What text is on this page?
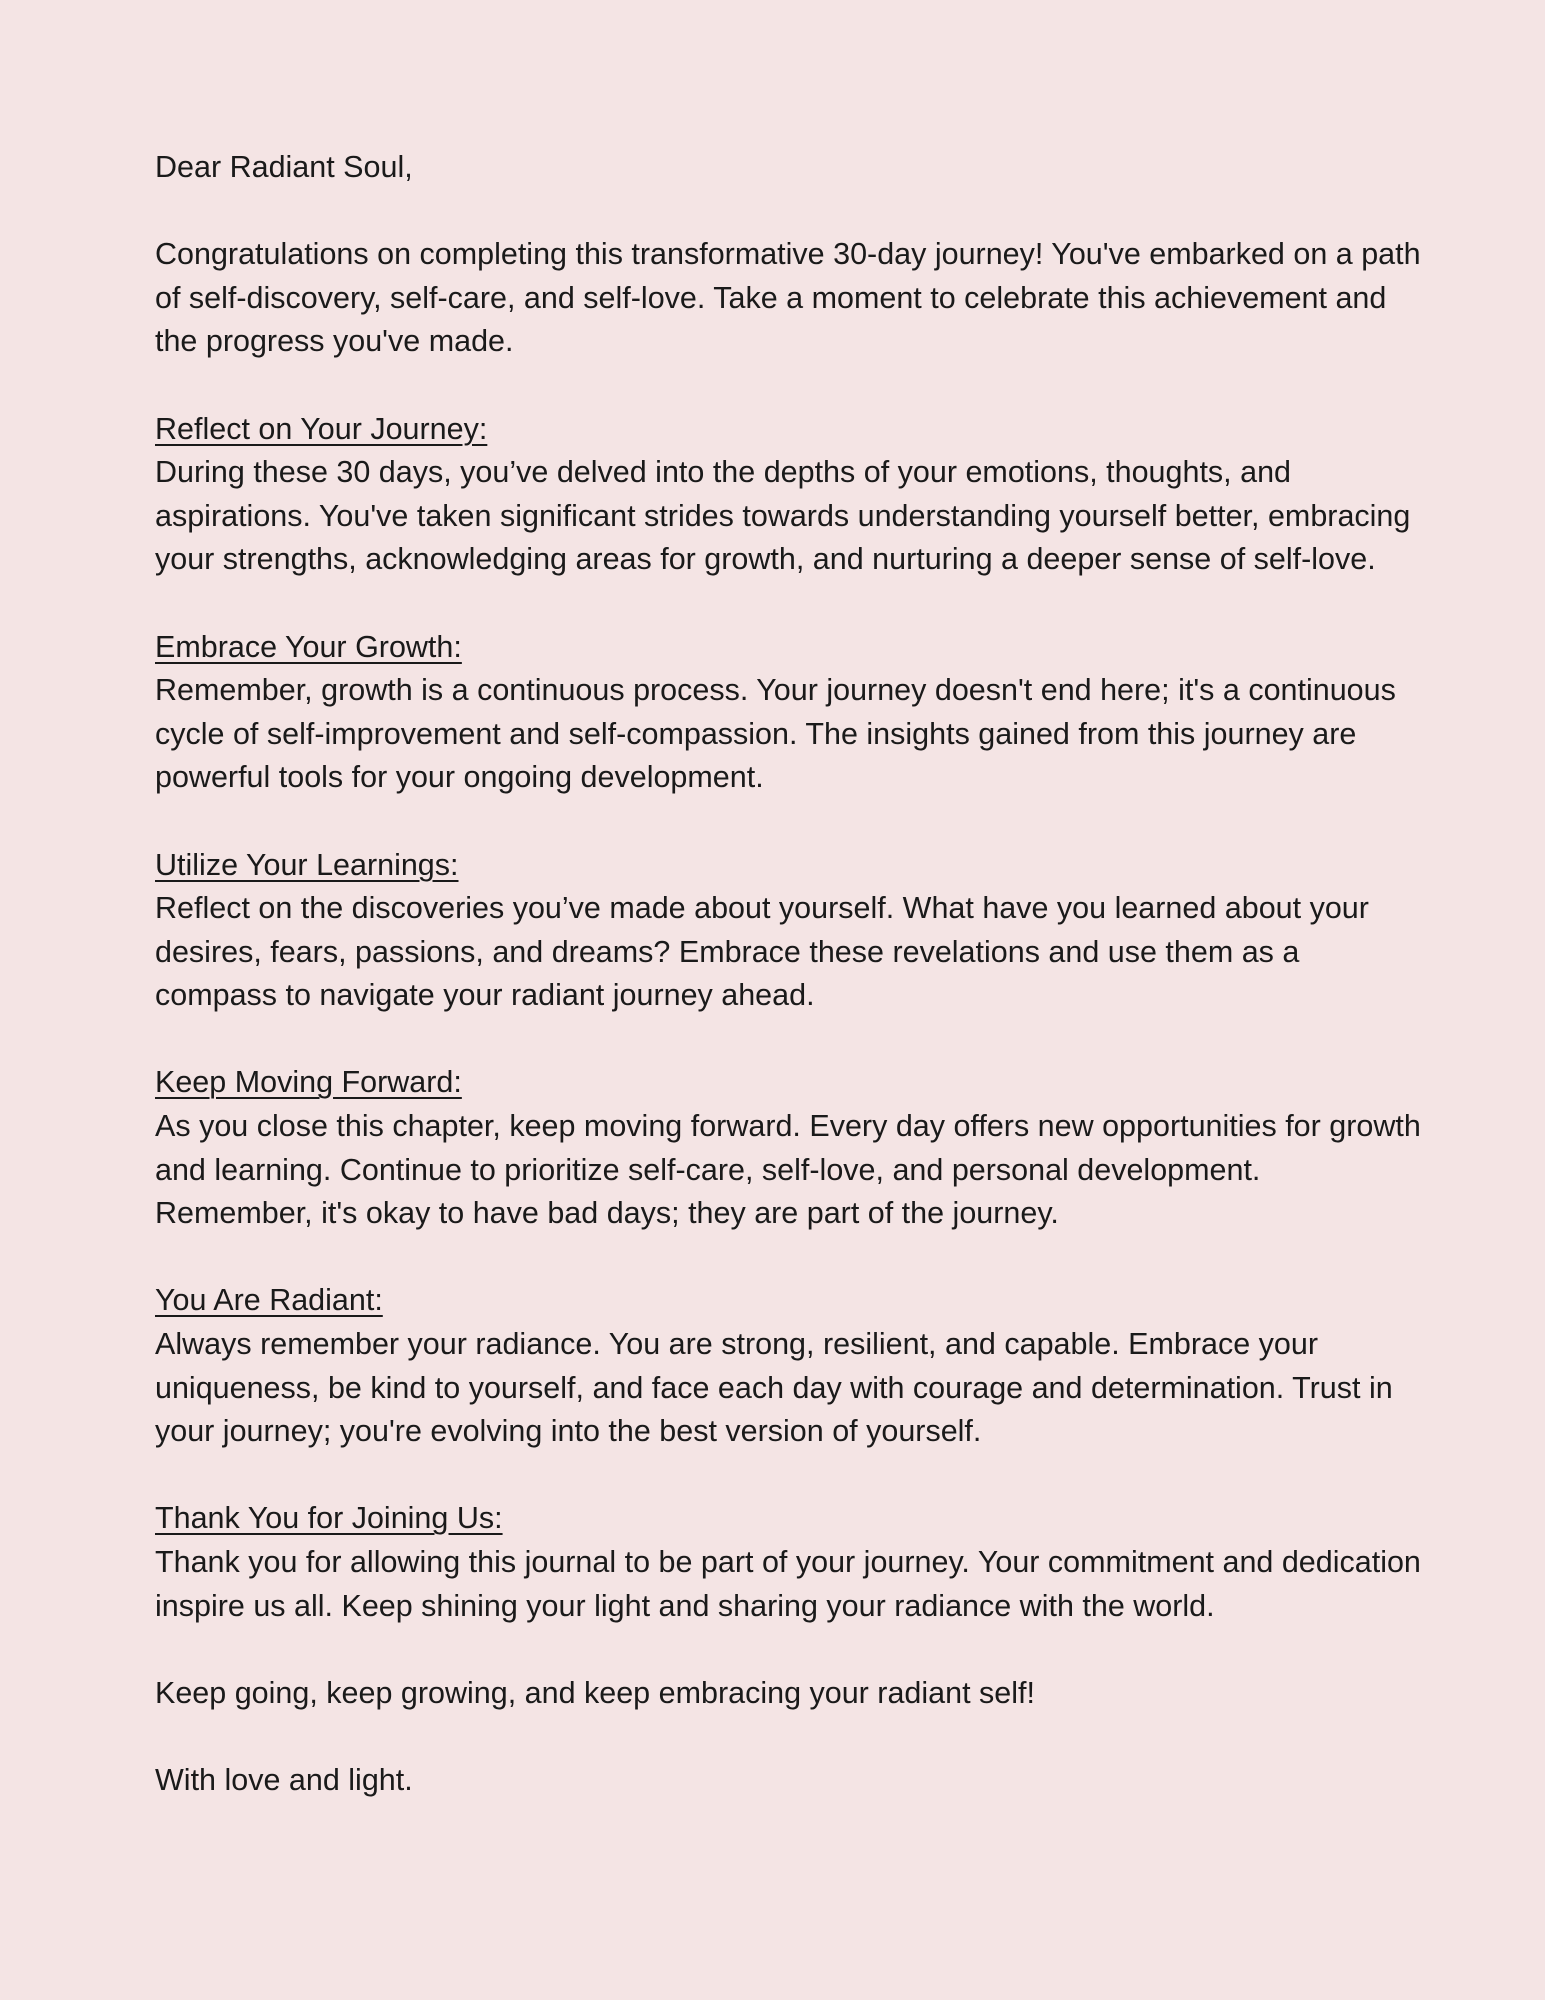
Dear Radiant Soul,

Congratulations on completing this transformative 30-day journey! You've embarked on a path of self-discovery, self-care, and self-love. Take a moment to celebrate this achievement and the progress you've made.

Reflect on Your Journey:

During these 30 days, you’ve delved into the depths of your emotions, thoughts, and aspirations. You've taken significant strides towards understanding yourself better, embracing your strengths, acknowledging areas for growth, and nurturing a deeper sense of self-love.

Embrace Your Growth:

Remember, growth is a continuous process. Your journey doesn't end here; it's a continuous cycle of self-improvement and self-compassion. The insights gained from this journey are powerful tools for your ongoing development.

Utilize Your Learnings:

Reflect on the discoveries you’ve made about yourself. What have you learned about your desires, fears, passions, and dreams? Embrace these revelations and use them as a compass to navigate your radiant journey ahead.

Keep Moving Forward:

As you close this chapter, keep moving forward. Every day offers new opportunities for growth and learning. Continue to prioritize self-care, self-love, and personal development. Remember, it's okay to have bad days; they are part of the journey.

You Are Radiant:

Always remember your radiance. You are strong, resilient, and capable. Embrace your uniqueness, be kind to yourself, and face each day with courage and determination. Trust in your journey; you're evolving into the best version of yourself.

Thank You for Joining Us:

Thank you for allowing this journal to be part of your journey. Your commitment and dedication inspire us all. Keep shining your light and sharing your radiance with the world.

Keep going, keep growing, and keep embracing your radiant self!

With love and light.
